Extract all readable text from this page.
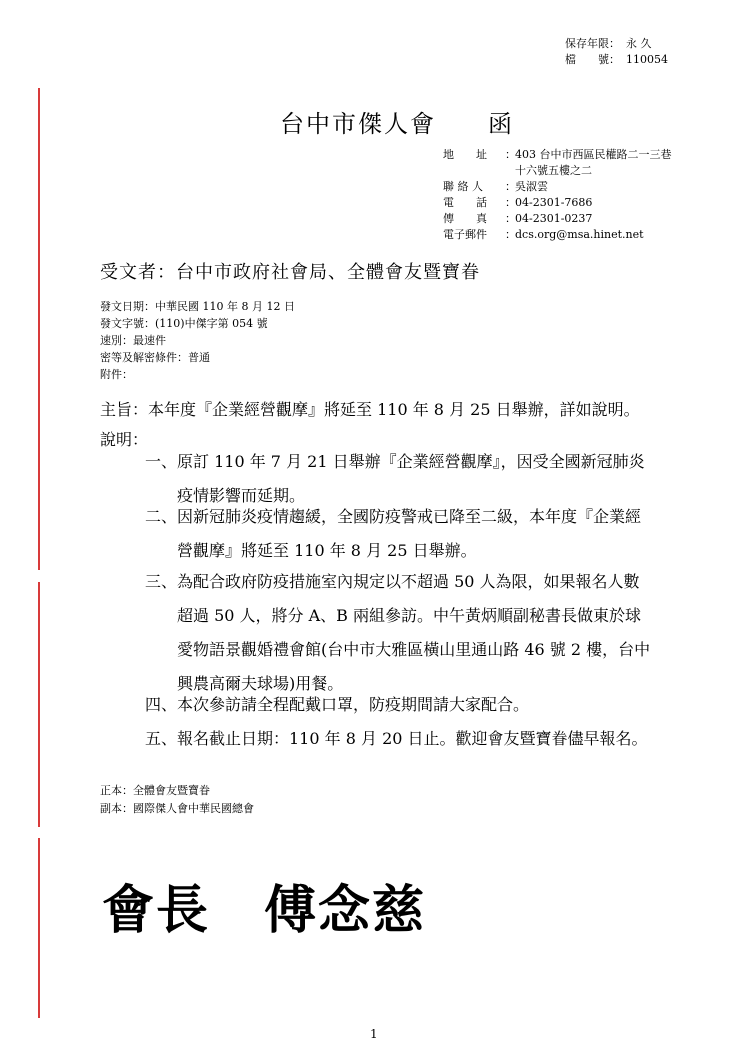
保存年限： 永 久
檔　　號： 110054
台中市傑人會　　函
地　　址	： 403 台中市西區民權路二一三巷
十六號五樓之二
聯 絡 人	： 吳淑雲
電　　話	： 04-2301-7686
傳　　真	： 04-2301-0237
電子郵件	： dcs.org@msa.hinet.net
受文者：台中市政府社會局、全體會友暨寶眷
發文日期：中華民國 110 年 8 月 12 日
發文字號：(110)中傑字第 054 號
速別：最速件
密等及解密條件：普通
附件：
主旨：本年度『企業經營觀摩』將延至 110 年 8 月 25 日舉辦，詳如說明。
說明：
一、原訂 110 年 7 月 21 日舉辦『企業經營觀摩』，因受全國新冠肺炎
疫情影響而延期。
二、因新冠肺炎疫情趨緩，全國防疫警戒已降至二級，本年度『企業經
營觀摩』將延至 110 年 8 月 25 日舉辦。
三、為配合政府防疫措施室內規定以不超過 50 人為限，如果報名人數
超過 50 人，將分 A、B 兩組參訪。中午黃炳順副秘書長做東於球
愛物語景觀婚禮會館(台中市大雅區橫山里通山路 46 號 2 樓，台中
興農高爾夫球場)用餐。
四、本次參訪請全程配戴口罩，防疫期間請大家配合。
五、報名截止日期：110 年 8 月 20 日止。歡迎會友暨寶眷儘早報名。
正本：全體會友暨寶眷
副本：國際傑人會中華民國總會
會長　傅念慈
1
